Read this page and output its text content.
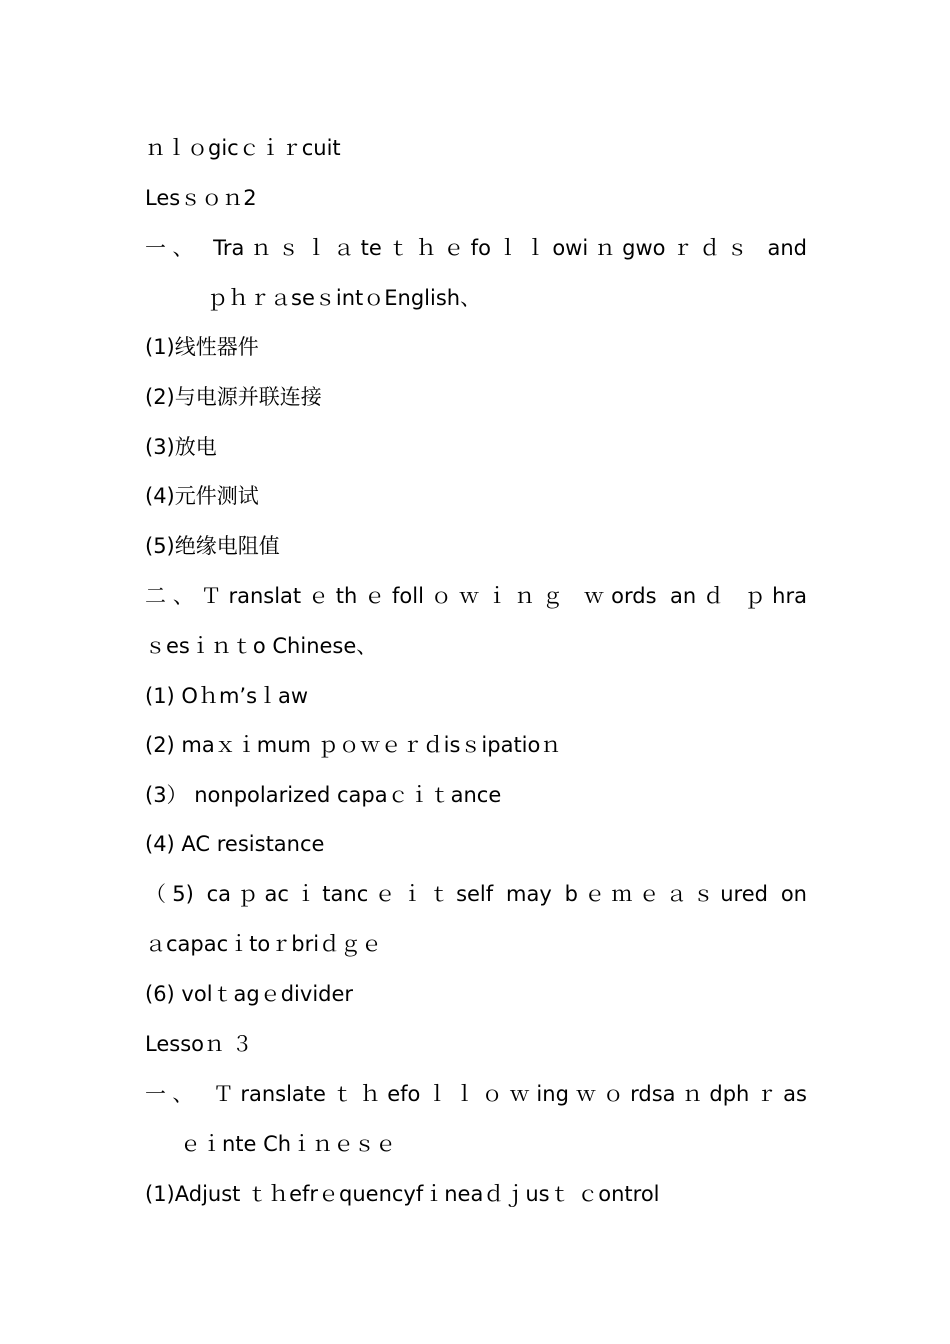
ｎｌｏgicｃｉｒcuit
Lesｓｏｎ2
一、 Traｎｓｌａteｔｈｅfoｌｌowiｎgwoｒｄｓ and
ｐｈｒａseｓintｏEnglish、
(1)线性器件
(2)与电源并联连接
(3)放电
(4)元件测试
(5)绝缘电阻值
二、Ｔranslatｅthｅfollｏｗｉｎｇ ｗords anｄ ｐhra
ｓesｉｎｔo Chinese、
(1) Oｈm’sｌaw
(2) maｘｉmum ｐｏｗｅｒｄisｓipatioｎ
(3） nonpolarized capaｃｉｔance
(4) AC resistance
（5) caｐacｉtancｅｉｔself may bｅｍｅａｓured on
ａcapacｉtoｒbriｄｇｅ
(6) volｔagｅdivider
Lessoｎ ３
一、 Ｔranslateｔｈefoｌｌｏｗingｗｏrdsaｎdphｒas
ｅｉnte Chｉｎｅｓｅ
(1)Adjust ｔｈefrｅquencyfｉneaｄｊusｔ ｃontrol
